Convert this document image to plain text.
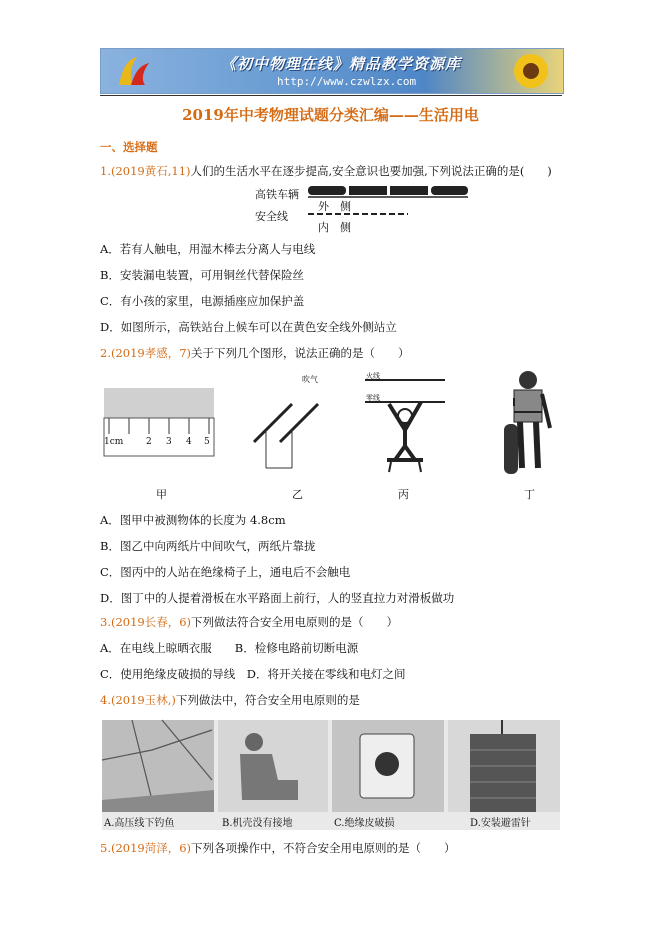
《初中物理在线》精品教学资源库
http://www.czwlzx.com
2019年中考物理试题分类汇编——生活用电
一、选择题
1.(2019黄石,11)人们的生活水平在逐步提高,安全意识也要加强,下列说法正确的是(　　)
高铁车辆
安全线
外　侧
内　侧
A．若有人触电，用湿木棒去分离人与电线
B．安装漏电装置，可用铜丝代替保险丝
C．有小孩的家里，电源插座应加保护盖
D．如图所示，高铁站台上候车可以在黄色安全线外侧站立
2.(2019孝感，7)关于下列几个图形，说法正确的是（　　）
1cm	2 3 4 5
吹气	火线
零线
甲	乙	丙	丁
A．图甲中被测物体的长度为 4.8cm
B．图乙中向两纸片中间吹气，两纸片靠拢
C．图丙中的人站在绝缘椅子上，通电后不会触电
D．图丁中的人提着滑板在水平路面上前行，人的竖直拉力对滑板做功
3.(2019长春，6)下列做法符合安全用电原则的是（　　）
A．在电线上晾晒衣服　　B．检修电路前切断电源
C．使用绝缘皮破损的导线　D．将开关接在零线和电灯之间
4.(2019玉林,)下列做法中，符合安全用电原则的是
A.高压线下钓鱼	B.机壳没有接地	C.绝缘皮破损	D.安装避雷针
5.(2019菏泽，6)下列各项操作中，不符合安全用电原则的是（　　）
